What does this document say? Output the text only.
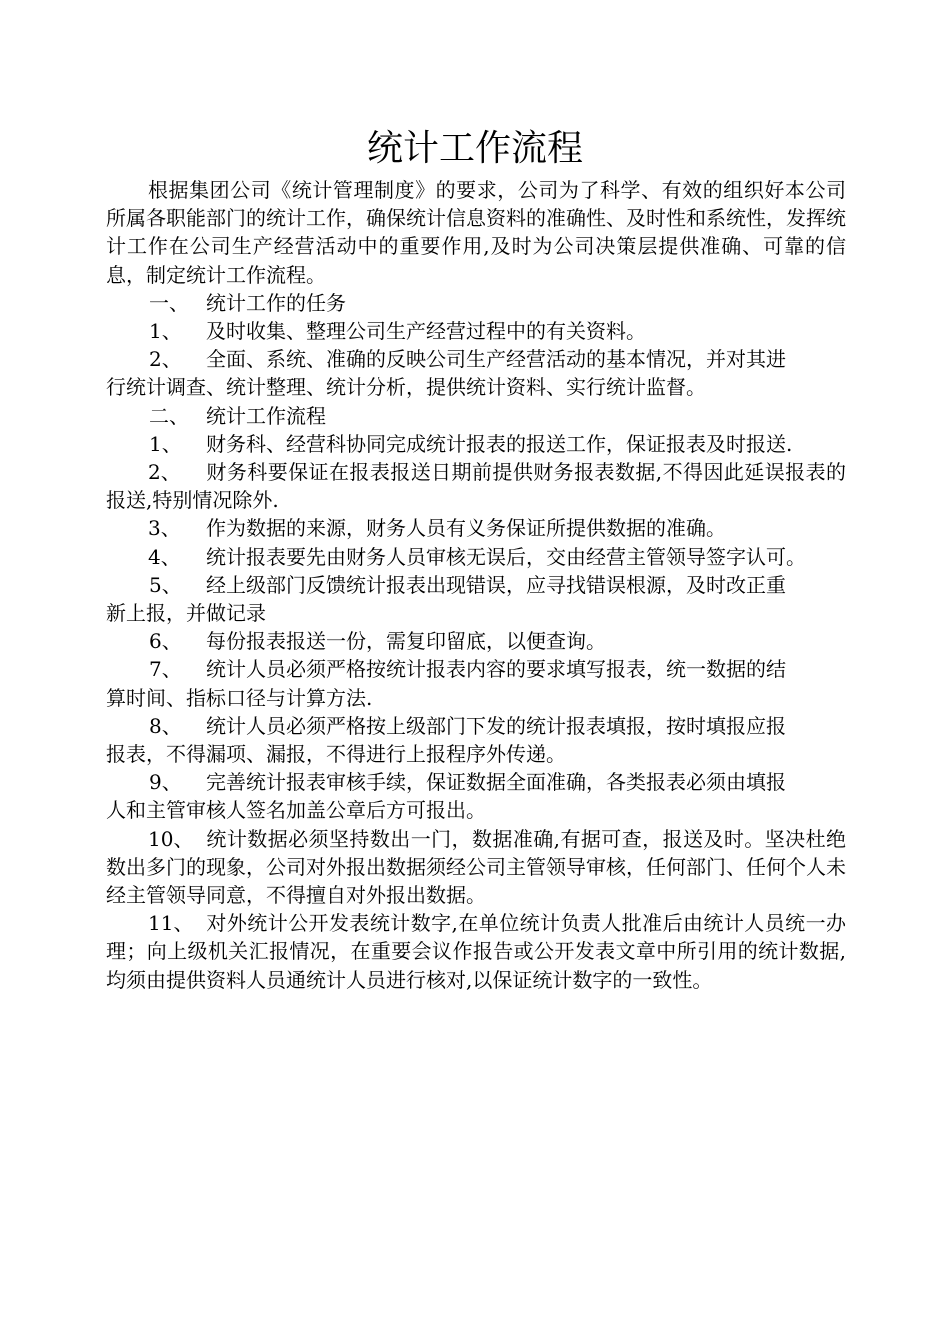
统计工作流程

根据集团公司《统计管理制度》的要求，公司为了科学、有效的组织好本公司所属各职能部门的统计工作，确保统计信息资料的准确性、及时性和系统性，发挥统计工作在公司生产经营活动中的重要作用,及时为公司决策层提供准确、可靠的信息，制定统计工作流程。

一、 统计工作的任务
1、	及时收集、整理公司生产经营过程中的有关资料。
2、	全面、系统、准确的反映公司生产经营活动的基本情况，并对其进

行统计调查、统计整理、统计分析，提供统计资料、实行统计监督。

二、 统计工作流程
1、	财务科、经营科协同完成统计报表的报送工作，保证报表及时报送.

2、 财务科要保证在报表报送日期前提供财务报表数据,不得因此延误报表的报送,特别情况除外.

3、 作为数据的来源，财务人员有义务保证所提供数据的准确。

4、 统计报表要先由财务人员审核无误后，交由经营主管领导签字认可。

5、	经上级部门反馈统计报表出现错误，应寻找错误根源，及时改正重

新上报，并做记录

6、	每份报表报送一份，需复印留底，以便查询。
7、	统计人员必须严格按统计报表内容的要求填写报表，统一数据的结

算时间、指标口径与计算方法.

8、	统计人员必须严格按上级部门下发的统计报表填报，按时填报应报

报表，不得漏项、漏报，不得进行上报程序外传递。

9、	完善统计报表审核手续，保证数据全面准确，各类报表必须由填报

人和主管审核人签名加盖公章后方可报出。

10、 统计数据必须坚持数出一门，数据准确,有据可查，报送及时。坚决杜绝数出多门的现象，公司对外报出数据须经公司主管领导审核，任何部门、任何个人未经主管领导同意，不得擅自对外报出数据。

11、 对外统计公开发表统计数字,在单位统计负责人批准后由统计人员统一办理；向上级机关汇报情况，在重要会议作报告或公开发表文章中所引用的统计数据,均须由提供资料人员通统计人员进行核对,以保证统计数字的一致性。
